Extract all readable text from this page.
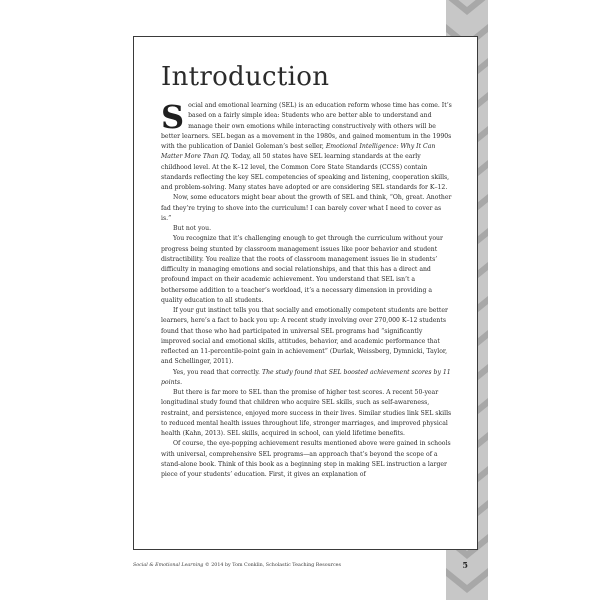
Introduction

Social and emotional learning (SEL) is an education reform whose time has come. It’s based on a fairly simple idea: Students who are better able to understand and manage their own emotions while interacting constructively with others will be better learners. SEL began as a movement in the 1980s, and gained momentum in the 1990s with the publication of Daniel Goleman’s best seller, Emotional Intelligence: Why It Can Matter More Than IQ. Today, all 50 states have SEL learning standards at the early childhood level. At the K–12 level, the Common Core State Standards (CCSS) contain standards reflecting the key SEL competencies of speaking and listening, cooperation skills, and problem-solving. Many states have adopted or are considering SEL standards for K–12.

Now, some educators might bear about the growth of SEL and think, “Oh, great. Another fad they’re trying to shove into the curriculum! I can barely cover what I need to cover as is.”

But not you.

You recognize that it’s challenging enough to get through the curriculum without your progress being stunted by classroom management issues like poor behavior and student distractibility. You realize that the roots of classroom management issues lie in students’ difficulty in managing emotions and social relationships, and that this has a direct and profound impact on their academic achievement. You understand that SEL isn’t a bothersome addition to a teacher’s workload, it’s a necessary dimension in providing a quality education to all students.

If your gut instinct tells you that socially and emotionally competent students are better learners, here’s a fact to back you up: A recent study involving over 270,000 K–12 students found that those who had participated in universal SEL programs had “significantly improved social and emotional skills, attitudes, behavior, and academic performance that reflected an 11-percentile-point gain in achievement” (Durlak, Weissberg, Dymnicki, Taylor, and Schellinger, 2011).

Yes, you read that correctly. The study found that SEL boosted achievement scores by 11 points.

But there is far more to SEL than the promise of higher test scores. A recent 50-year longitudinal study found that children who acquire SEL skills, such as self-awareness, restraint, and persistence, enjoyed more success in their lives. Similar studies link SEL skills to reduced mental health issues throughout life, stronger marriages, and improved physical health (Kahn, 2013). SEL skills, acquired in school, can yield lifetime benefits.

Of course, the eye-popping achievement results mentioned above were gained in schools with universal, comprehensive SEL programs—an approach that’s beyond the scope of a stand-alone book. Think of this book as a beginning step in making SEL instruction a larger piece of your students’ education. First, it gives an explanation of

Social & Emotional Learning © 2014 by Tom Conklin, Scholastic Teaching Resources	5
